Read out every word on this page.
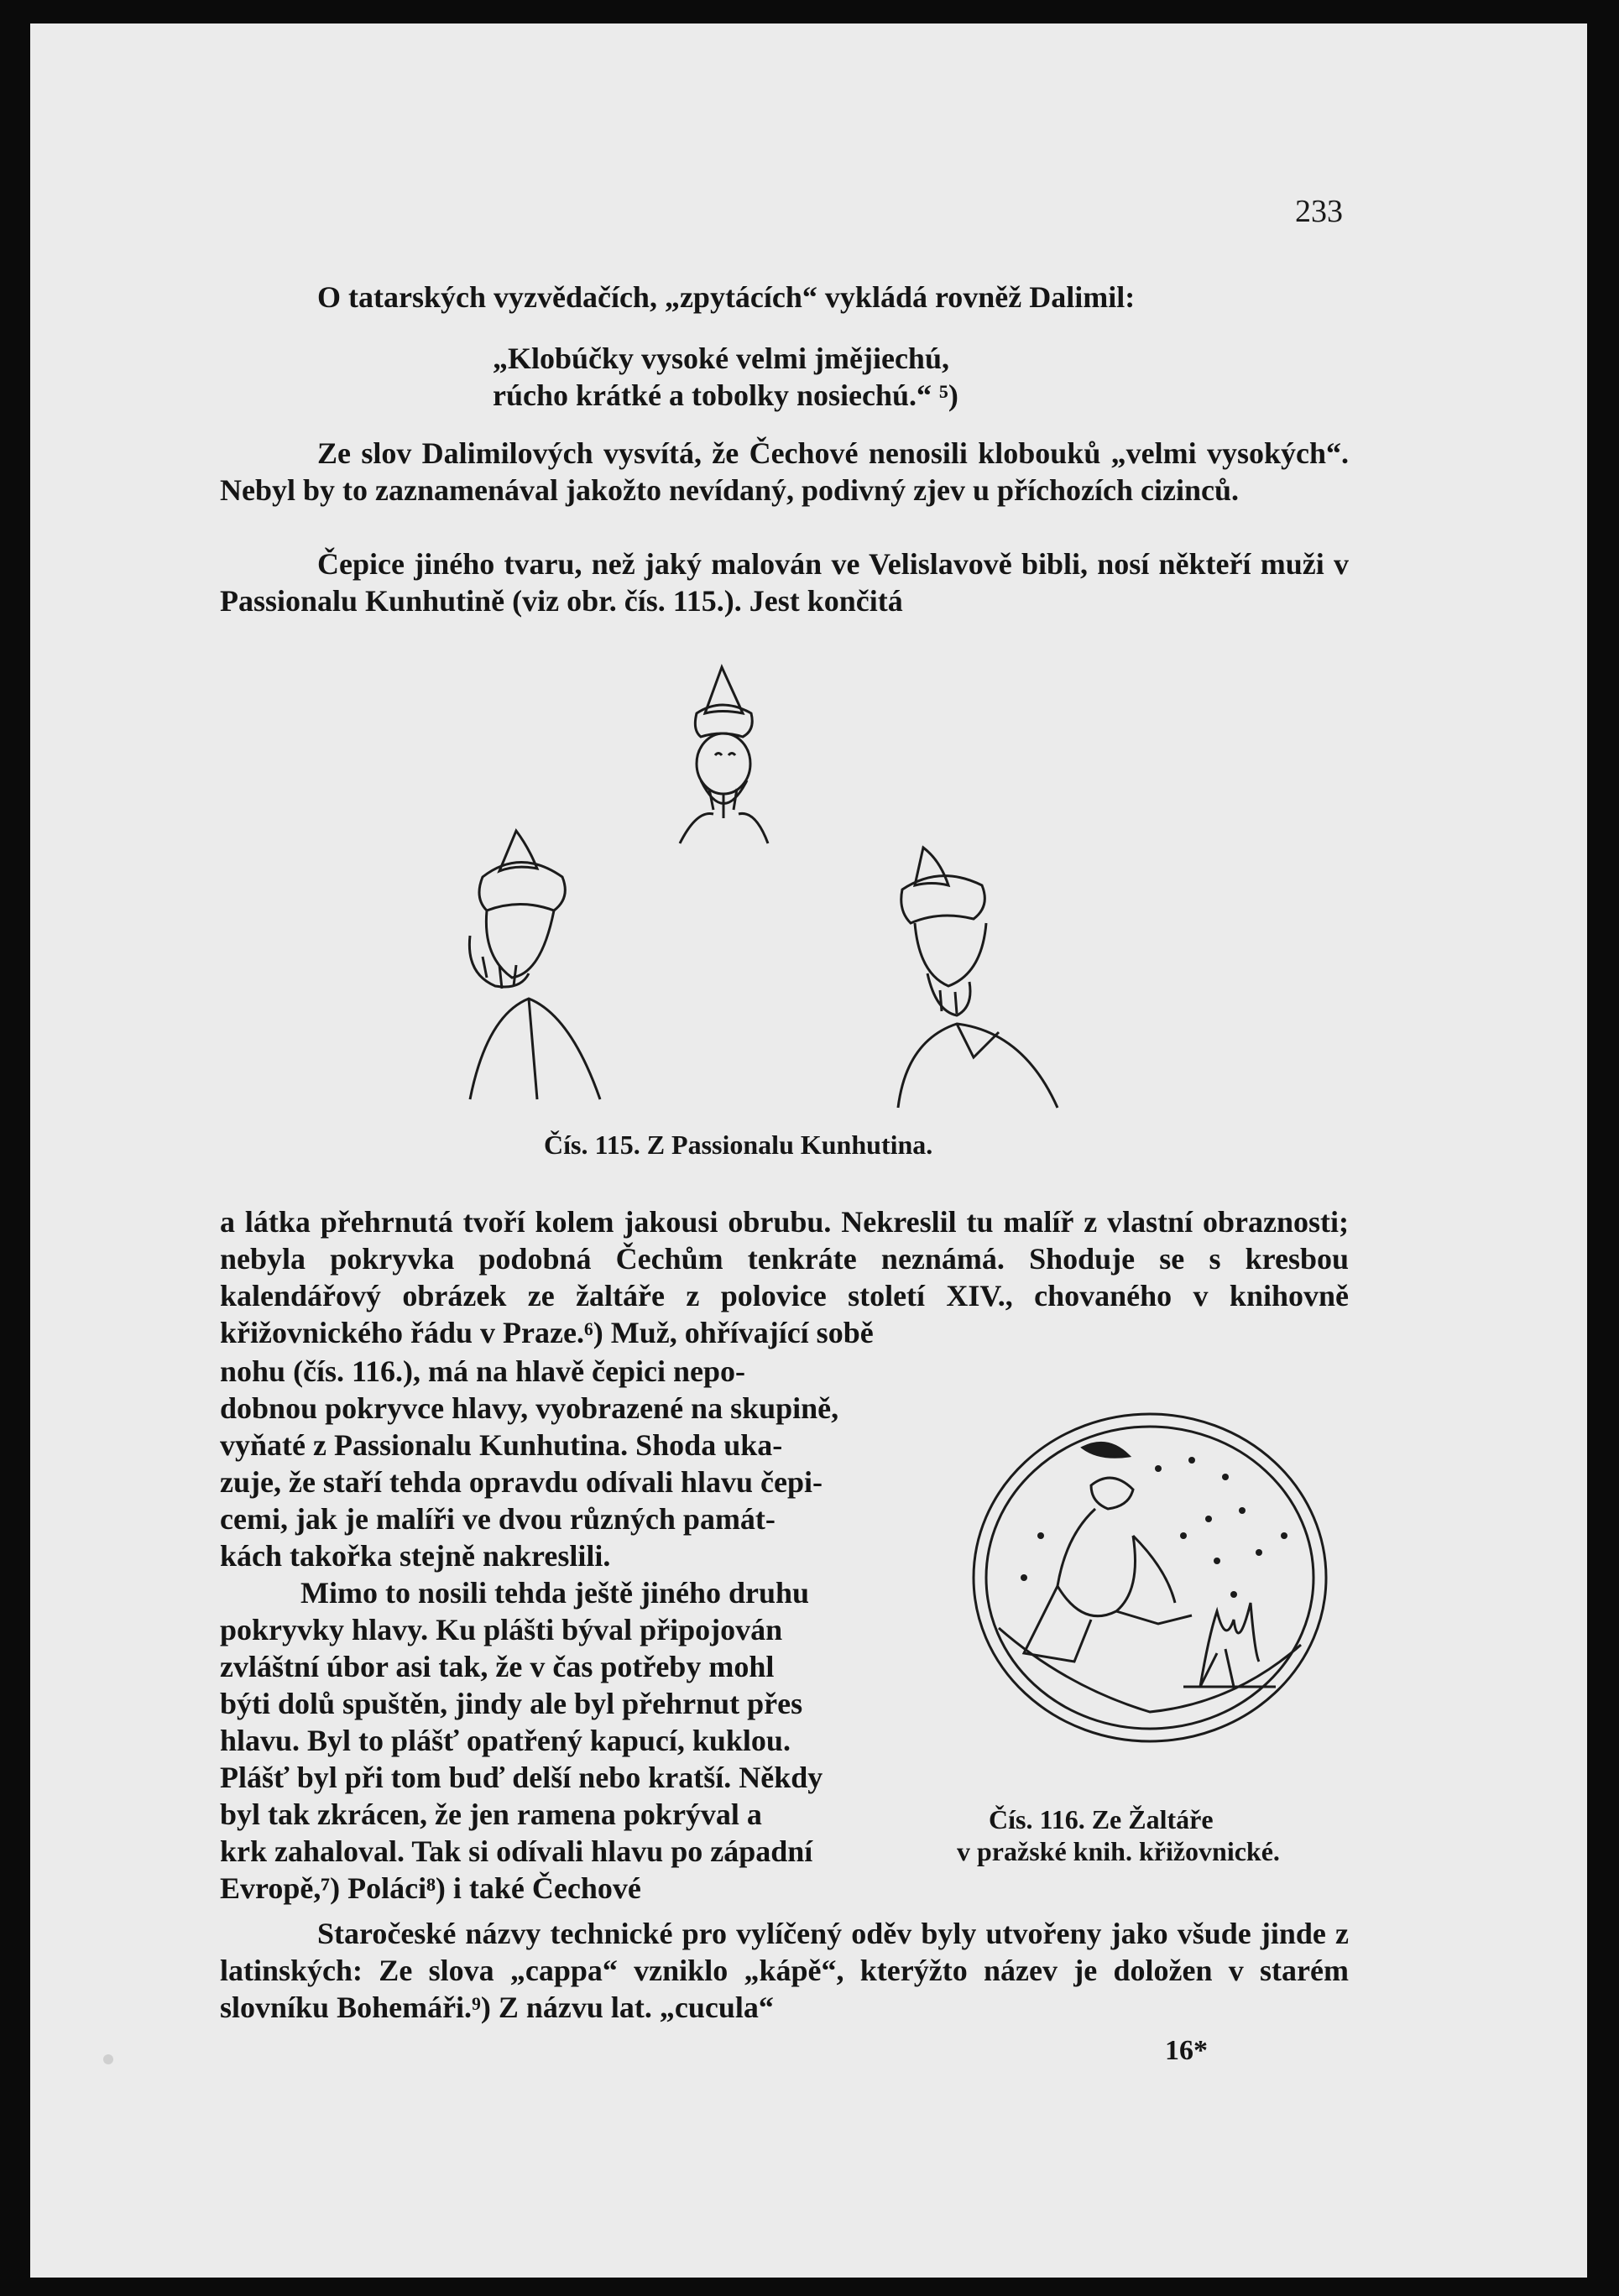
233

O tatarských vyzvědačích, „zpytácích“ vykládá rovněž Dalimil:

„Klobúčky vysoké velmi jmějiechú,
rúcho krátké a tobolky nosiechú.“ ⁵)

Ze slov Dalimilových vysvítá, že Čechové nenosili klobouků „velmi vysokých“. Nebyl by to zaznamenával jakožto nevídaný, podivný zjev u příchozích cizinců.

Čepice jiného tvaru, než jaký malován ve Velislavově bibli, nosí někteří muži v Passionalu Kunhutině (viz obr. čís. 115.). Jest končitá

Čís. 115. Z Passionalu Kunhutina.

a látka přehrnutá tvoří kolem jakousi obrubu. Nekreslil tu malíř z vlastní obraznosti; nebyla pokryvka podobná Čechům tenkráte neznámá. Shoduje se s kresbou kalendářový obrázek ze žaltáře z polovice století XIV., chovaného v knihovně křižovnického řádu v Praze.⁶) Muž, ohřívající sobě

nohu (čís. 116.), má na hlavě čepici nepo-
dobnou pokryvce hlavy, vyobrazené na skupině,
vyňaté z Passionalu Kunhutina. Shoda uka-
zuje, že staří tehda opravdu odívali hlavu čepi-
cemi, jak je malíři ve dvou různých památ-
kách takořka stejně nakreslili.
Mimo to nosili tehda ještě jiného druhu
pokryvky hlavy. Ku plášti býval připojován
zvláštní úbor asi tak, že v čas potřeby mohl
býti dolů spuštěn, jindy ale byl přehrnut přes
hlavu. Byl to plášť opatřený kapucí, kuklou.
Plášť byl při tom buď delší nebo kratší. Někdy
byl tak zkrácen, že jen ramena pokrýval a
krk zahaloval. Tak si odívali hlavu po západní
Evropě,⁷) Poláci⁸) i také Čechové
Čís. 116. Ze Žaltáře
v pražské knih. křižovnické.

Staročeské názvy technické pro vylíčený oděv byly utvořeny jako všude jinde z latinských: Ze slova „cappa“ vzniklo „kápě“, kterýžto název je doložen v starém slovníku Bohemáři.⁹) Z názvu lat. „cucula“

16*
